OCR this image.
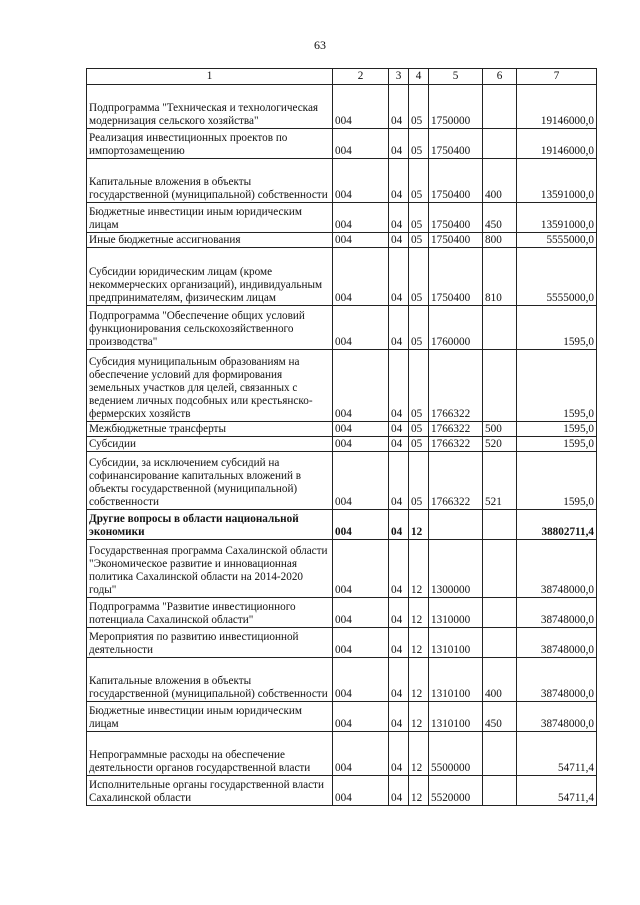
63
1	2	3	4	5	6	7
Подпрограмма "Техническая и технологическая модернизация сельского хозяйства"	004	04	05	1750000		19146000,0
Реализация инвестиционных проектов по импортозамещению	004	04	05	1750400		19146000,0
Капитальные вложения в объекты государственной (муниципальной) собственности	004	04	05	1750400	400	13591000,0
Бюджетные инвестиции иным юридическим лицам	004	04	05	1750400	450	13591000,0
Иные бюджетные ассигнования	004	04	05	1750400	800	5555000,0
Субсидии юридическим лицам (кроме некоммерческих организаций), индивидуальным предпринимателям, физическим лицам	004	04	05	1750400	810	5555000,0
Подпрограмма "Обеспечение общих условий функционирования сельскохозяйственного производства"	004	04	05	1760000		1595,0
Субсидия муниципальным образованиям на обеспечение условий для формирования земельных участков для целей, связанных с ведением личных подсобных или крестьянско-фермерских хозяйств	004	04	05	1766322		1595,0
Межбюджетные трансферты	004	04	05	1766322	500	1595,0
Субсидии	004	04	05	1766322	520	1595,0
Субсидии, за исключением субсидий на софинансирование капитальных вложений в объекты государственной (муниципальной) собственности	004	04	05	1766322	521	1595,0
Другие вопросы в области национальной экономики	004	04	12			38802711,4
Государственная программа Сахалинской области "Экономическое развитие и инновационная политика Сахалинской области на 2014-2020 годы"	004	04	12	1300000		38748000,0
Подпрограмма "Развитие инвестиционного потенциала Сахалинской области"	004	04	12	1310000		38748000,0
Мероприятия по развитию инвестиционной деятельности	004	04	12	1310100		38748000,0
Капитальные вложения в объекты государственной (муниципальной) собственности	004	04	12	1310100	400	38748000,0
Бюджетные инвестиции иным юридическим лицам	004	04	12	1310100	450	38748000,0
Непрограммные расходы на обеспечение деятельности органов государственной власти	004	04	12	5500000		54711,4
Исполнительные органы государственной власти Сахалинской области	004	04	12	5520000		54711,4
